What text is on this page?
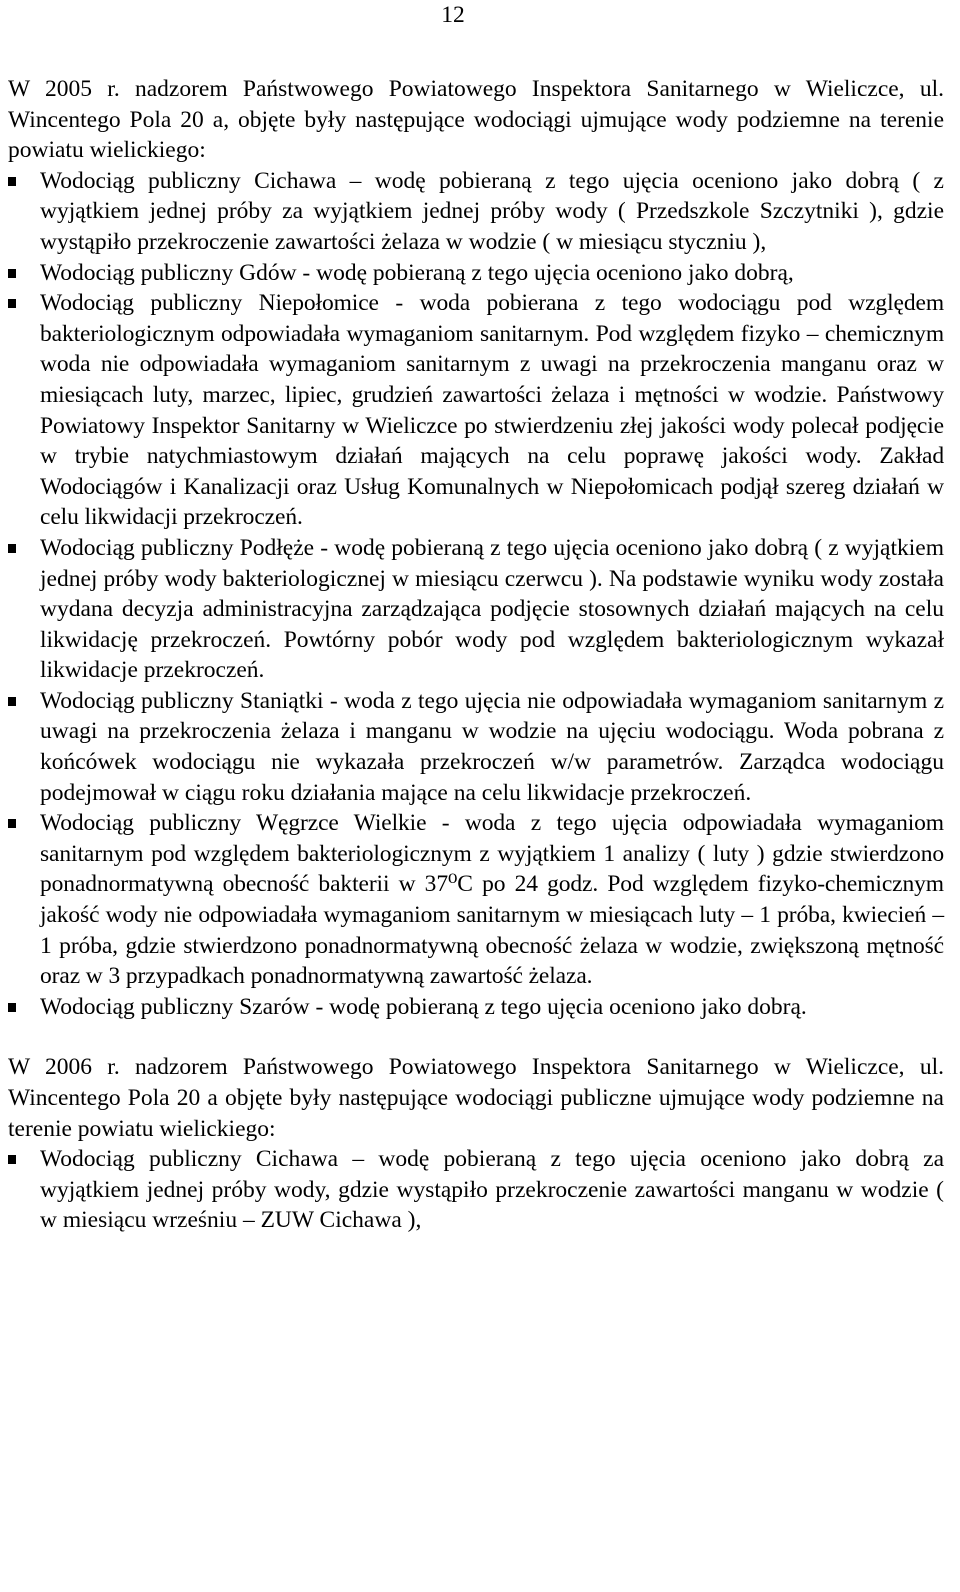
12

W 2005 r. nadzorem Państwowego Powiatowego Inspektora Sanitarnego w Wieliczce, ul. Wincentego Pola 20 a, objęte były następujące wodociągi ujmujące wody podziemne na terenie powiatu wielickiego:

Wodociąg publiczny Cichawa – wodę pobieraną z tego ujęcia oceniono jako dobrą ( z wyjątkiem jednej próby za wyjątkiem jednej próby wody ( Przedszkole Szczytniki ), gdzie wystąpiło przekroczenie zawartości żelaza w wodzie ( w miesiącu styczniu ),
Wodociąg publiczny Gdów - wodę pobieraną z tego ujęcia oceniono jako dobrą,
Wodociąg publiczny Niepołomice - woda pobierana z tego wodociągu pod względem bakteriologicznym odpowiadała wymaganiom sanitarnym. Pod względem fizyko – chemicznym woda nie odpowiadała wymaganiom sanitarnym z uwagi na przekroczenia manganu oraz w miesiącach luty, marzec, lipiec, grudzień zawartości żelaza i mętności w wodzie. Państwowy Powiatowy Inspektor Sanitarny w Wieliczce po stwierdzeniu złej jakości wody polecał podjęcie w trybie natychmiastowym działań mających na celu poprawę jakości wody. Zakład Wodociągów i Kanalizacji oraz Usług Komunalnych w Niepołomicach podjął szereg działań w celu likwidacji przekroczeń.
Wodociąg publiczny Podłęże - wodę pobieraną z tego ujęcia oceniono jako dobrą ( z wyjątkiem jednej próby wody bakteriologicznej w miesiącu czerwcu ). Na podstawie wyniku wody została wydana decyzja administracyjna zarządzająca podjęcie stosownych działań mających na celu likwidację przekroczeń. Powtórny pobór wody pod względem bakteriologicznym wykazał likwidacje przekroczeń.
Wodociąg publiczny Staniątki - woda z tego ujęcia nie odpowiadała wymaganiom sanitarnym z uwagi na przekroczenia żelaza i manganu w wodzie na ujęciu wodociągu. Woda pobrana z końcówek wodociągu nie wykazała przekroczeń w/w parametrów. Zarządca wodociągu podejmował w ciągu roku działania mające na celu likwidacje przekroczeń.
Wodociąg publiczny Węgrzce Wielkie - woda z tego ujęcia odpowiadała wymaganiom sanitarnym pod względem bakteriologicznym z wyjątkiem 1 analizy ( luty ) gdzie stwierdzono ponadnormatywną obecność bakterii w 37⁰C po 24 godz. Pod względem fizyko-chemicznym jakość wody nie odpowiadała wymaganiom sanitarnym w miesiącach luty – 1 próba, kwiecień – 1 próba, gdzie stwierdzono ponadnormatywną obecność żelaza w wodzie, zwiększoną mętność oraz w 3 przypadkach ponadnormatywną zawartość żelaza.
Wodociąg publiczny Szarów - wodę pobieraną z tego ujęcia oceniono jako dobrą.

W 2006 r. nadzorem Państwowego Powiatowego Inspektora Sanitarnego w Wieliczce, ul. Wincentego Pola 20 a objęte były następujące wodociągi publiczne ujmujące wody podziemne na terenie powiatu wielickiego:

Wodociąg publiczny Cichawa – wodę pobieraną z tego ujęcia oceniono jako dobrą za wyjątkiem jednej próby wody, gdzie wystąpiło przekroczenie zawartości manganu w wodzie ( w miesiącu wrześniu – ZUW Cichawa ),
